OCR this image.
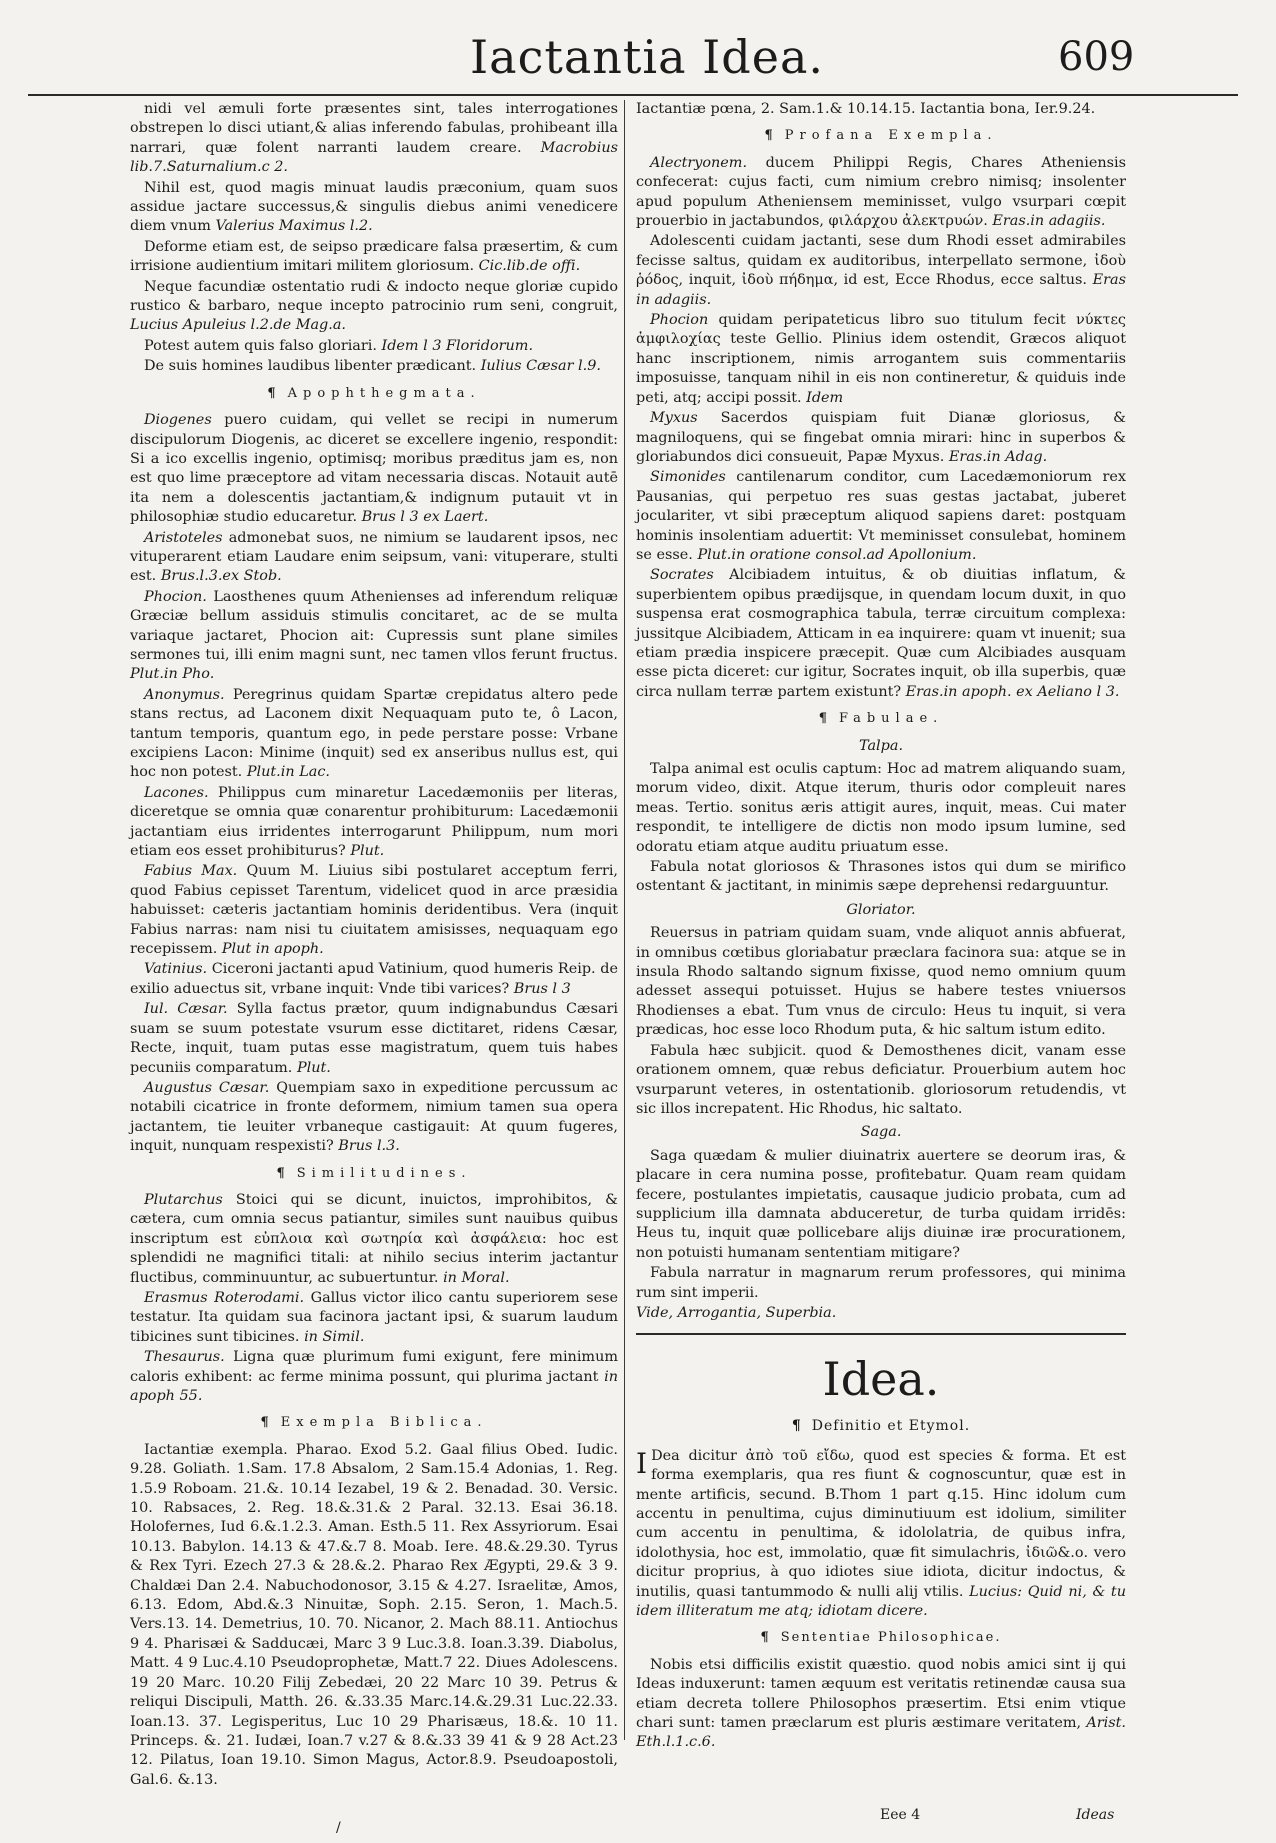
Iactantia Idea.	609

nidi vel æmuli forte præsentes sint, tales interrogationes obstrepen lo disci utiant,& alias inferendo fabulas, prohibeant illa narrari, quæ folent narranti laudem creare. Macrobius lib.7.Saturnalium.c 2.

Nihil est, quod magis minuat laudis præconium, quam suos assidue jactare successus,& singulis diebus animi venedicere diem vnum Valerius Maximus l.2.

Deforme etiam est, de seipso prædicare falsa præsertim, & cum irrisione audientium imitari militem gloriosum. Cic.lib.de offi.

Neque facundiæ ostentatio rudi & indocto neque gloriæ cupido rustico & barbaro, neque incepto patrocinio rum seni, congruit, Lucius Apuleius l.2.de Mag.a.

Potest autem quis falso gloriari. Idem l 3 Floridorum.

De suis homines laudibus libenter prædicant. Iulius Cæsar l.9.

¶ Apophthegmata.

Diogenes puero cuidam, qui vellet se recipi in numerum discipulorum Diogenis, ac diceret se excellere ingenio, respondit: Si a ico excellis ingenio, optimisq; moribus præditus jam es, non est quo lime præceptore ad vitam necessaria discas. Notauit autē ita nem a dolescentis jactantiam,& indignum putauit vt in philosophiæ studio educaretur. Brus l 3 ex Laert.

Aristoteles admonebat suos, ne nimium se laudarent ipsos, nec vituperarent etiam Laudare enim seipsum, vani: vituperare, stulti est. Brus.l.3.ex Stob.

Phocion. Laosthenes quum Athenienses ad inferendum reliquæ Græciæ bellum assiduis stimulis concitaret, ac de se multa variaque jactaret, Phocion ait: Cupressis sunt plane similes sermones tui, illi enim magni sunt, nec tamen vllos ferunt fructus. Plut.in Pho.

Anonymus. Peregrinus quidam Spartæ crepidatus altero pede stans rectus, ad Laconem dixit Nequaquam puto te, ô Lacon, tantum temporis, quantum ego, in pede perstare posse: Vrbane excipiens Lacon: Minime (inquit) sed ex anseribus nullus est, qui hoc non potest. Plut.in Lac.

Lacones. Philippus cum minaretur Lacedæmoniis per literas, diceretque se omnia quæ conarentur prohibiturum: Lacedæmonii jactantiam eius irridentes interrogarunt Philippum, num mori etiam eos esset prohibiturus? Plut.

Fabius Max. Quum M. Liuius sibi postularet acceptum ferri, quod Fabius cepisset Tarentum, videlicet quod in arce præsidia habuisset: cæteris jactantiam hominis deridentibus. Vera (inquit Fabius narras: nam nisi tu ciuitatem amisisses, nequaquam ego recepissem. Plut in apoph.

Vatinius. Ciceroni jactanti apud Vatinium, quod humeris Reip. de exilio aduectus sit, vrbane inquit: Vnde tibi varices? Brus l 3

Iul. Cæsar. Sylla factus prætor, quum indignabundus Cæsari suam se suum potestate vsurum esse dictitaret, ridens Cæsar, Recte, inquit, tuam putas esse magistratum, quem tuis habes pecuniis comparatum. Plut.

Augustus Cæsar. Quempiam saxo in expeditione percussum ac notabili cicatrice in fronte deformem, nimium tamen sua opera jactantem, tie leuiter vrbaneque castigauit: At quum fugeres, inquit, nunquam respexisti? Brus l.3.

¶ Similitudines.

Plutarchus Stoici qui se dicunt, inuictos, improhibitos, & cætera, cum omnia secus patiantur, similes sunt nauibus quibus inscriptum est εὐπλοια καὶ σωτηρία καὶ ἀσφάλεια: hoc est splendidi ne magnifici titali: at nihilo secius interim jactantur fluctibus, comminuuntur, ac subuertuntur. in Moral.

Erasmus Roterodami. Gallus victor ilico cantu superiorem sese testatur. Ita quidam sua facinora jactant ipsi, & suarum laudum tibicines sunt tibicines. in Simil.

Thesaurus. Ligna quæ plurimum fumi exigunt, fere minimum caloris exhibent: ac ferme minima possunt, qui plurima jactant in apoph 55.

¶ Exempla Biblica.

Iactantiæ exempla. Pharao. Exod 5.2. Gaal filius Obed. Iudic. 9.28. Goliath. 1.Sam. 17.8 Absalom, 2 Sam.15.4 Adonias, 1. Reg. 1.5.9 Roboam. 21.&. 10.14 Iezabel, 19 & 2. Benadad. 30. Versic. 10. Rabsaces, 2. Reg. 18.&.31.& 2 Paral. 32.13. Esai 36.18. Holofernes, Iud 6.&.1.2.3. Aman. Esth.5 11. Rex Assyriorum. Esai 10.13. Babylon. 14.13 & 47.&.7 8. Moab. Iere. 48.&.29.30. Tyrus & Rex Tyri. Ezech 27.3 & 28.&.2. Pharao Rex Ægypti, 29.& 3 9. Chaldæi Dan 2.4. Nabuchodonosor, 3.15 & 4.27. Israelitæ, Amos, 6.13. Edom, Abd.&.3 Ninuitæ, Soph. 2.15. Seron, 1. Mach.5. Vers.13. 14. Demetrius, 10. 70. Nicanor, 2. Mach 88.11. Antiochus 9 4. Pharisæi & Sadducæi, Marc 3 9 Luc.3.8. Ioan.3.39. Diabolus, Matt. 4 9 Luc.4.10 Pseudoprophetæ, Matt.7 22. Diues Adolescens. 19 20 Marc. 10.20 Filij Zebedæi, 20 22 Marc 10 39. Petrus & reliqui Discipuli, Matth. 26. &.33.35 Marc.14.&.29.31 Luc.22.33. Ioan.13. 37. Legisperitus, Luc 10 29 Pharisæus, 18.&. 10 11. Princeps. &. 21. Iudæi, Ioan.7 v.27 & 8.&.33 39 41 & 9 28 Act.23 12. Pilatus, Ioan 19.10. Simon Magus, Actor.8.9. Pseudoapostoli, Gal.6. &.13.

Iactantiæ pœna, 2. Sam.1.& 10.14.15. Iactantia bona, Ier.9.24.

¶ Profana Exempla.

Alectryonem. ducem Philippi Regis, Chares Atheniensis confecerat: cujus facti, cum nimium crebro nimisq; insolenter apud populum Atheniensem meminisset, vulgo vsurpari cœpit prouerbio in jactabundos, φιλάρχου ἀλεκτρυών. Eras.in adagiis.

Adolescenti cuidam jactanti, sese dum Rhodi esset admirabiles fecisse saltus, quidam ex auditoribus, interpellato sermone, ἰδοὺ ῥόδος, inquit, ἰδοὺ πήδημα, id est, Ecce Rhodus, ecce saltus. Eras in adagiis.

Phocion quidam peripateticus libro suo titulum fecit νύκτες ἀμφιλοχίας teste Gellio. Plinius idem ostendit, Græcos aliquot hanc inscriptionem, nimis arrogantem suis commentariis imposuisse, tanquam nihil in eis non contineretur, & quiduis inde peti, atq; accipi possit. Idem

Myxus Sacerdos quispiam fuit Dianæ gloriosus, & magniloquens, qui se fingebat omnia mirari: hinc in superbos & gloriabundos dici consueuit, Papæ Myxus. Eras.in Adag.

Simonides cantilenarum conditor, cum Lacedæmoniorum rex Pausanias, qui perpetuo res suas gestas jactabat, juberet joculariter, vt sibi præceptum aliquod sapiens daret: postquam hominis insolentiam aduertit: Vt meminisset consulebat, hominem se esse. Plut.in oratione consol.ad Apollonium.

Socrates Alcibiadem intuitus, & ob diuitias inflatum, & superbientem opibus prædijsque, in quendam locum duxit, in quo suspensa erat cosmographica tabula, terræ circuitum complexa: jussitque Alcibiadem, Atticam in ea inquirere: quam vt inuenit; sua etiam prædia inspicere præcepit. Quæ cum Alcibiades ausquam esse picta diceret: cur igitur, Socrates inquit, ob illa superbis, quæ circa nullam terræ partem existunt? Eras.in apoph. ex Aeliano l 3.

¶ Fabulae.
Talpa.

Talpa animal est oculis captum: Hoc ad matrem aliquando suam, morum video, dixit. Atque iterum, thuris odor compleuit nares meas. Tertio. sonitus æris attigit aures, inquit, meas. Cui mater respondit, te intelligere de dictis non modo ipsum lumine, sed odoratu etiam atque auditu priuatum esse.

Fabula notat gloriosos & Thrasones istos qui dum se mirifico ostentant & jactitant, in minimis sæpe deprehensi redarguuntur.

Gloriator.

Reuersus in patriam quidam suam, vnde aliquot annis abfuerat, in omnibus cœtibus gloriabatur præclara facinora sua: atque se in insula Rhodo saltando signum fixisse, quod nemo omnium quum adesset assequi potuisset. Hujus se habere testes vniuersos Rhodienses a ebat. Tum vnus de circulo: Heus tu inquit, si vera prædicas, hoc esse loco Rhodum puta, & hic saltum istum edito.

Fabula hæc subjicit. quod & Demosthenes dicit, vanam esse orationem omnem, quæ rebus deficiatur. Prouerbium autem hoc vsurparunt veteres, in ostentationib. gloriosorum retudendis, vt sic illos increpatent. Hic Rhodus, hic saltato.

Saga.

Saga quædam & mulier diuinatrix auertere se deorum iras, & placare in cera numina posse, profitebatur. Quam ream quidam fecere, postulantes impietatis, causaque judicio probata, cum ad supplicium illa damnata abduceretur, de turba quidam irridēs: Heus tu, inquit quæ pollicebare alijs diuinæ iræ procurationem, non potuisti humanam sententiam mitigare?

Fabula narratur in magnarum rerum professores, qui minima rum sint imperii.

Vide, Arrogantia, Superbia.

Idea.
¶ Definitio et Etymol.

I Dea dicitur ἀπὸ τοῦ εἴδω, quod est species & forma. Et est forma exemplaris, qua res fiunt & cognoscuntur, quæ est in mente artificis, secund. B.Thom 1 part q.15. Hinc idolum cum accentu in penultima, cujus diminutiuum est idolium, similiter cum accentu in penultima, & idololatria, de quibus infra, idolothysia, hoc est, immolatio, quæ fit simulachris, ἰδιῶ&.ο. vero dicitur proprius, à quo idiotes siue idiota, dicitur indoctus, & inutilis, quasi tantummodo & nulli alij vtilis. Lucius: Quid ni, & tu idem illiteratum me atq; idiotam dicere.

¶ Sententiae Philosophicae.

Nobis etsi difficilis existit quæstio. quod nobis amici sint ij qui Ideas induxerunt: tamen æquum est veritatis retinendæ causa sua etiam decreta tollere Philosophos præsertim. Etsi enim vtique chari sunt: tamen præclarum est pluris æstimare veritatem, Arist. Eth.l.1.c.6.

/
Eee 4	Ideas
